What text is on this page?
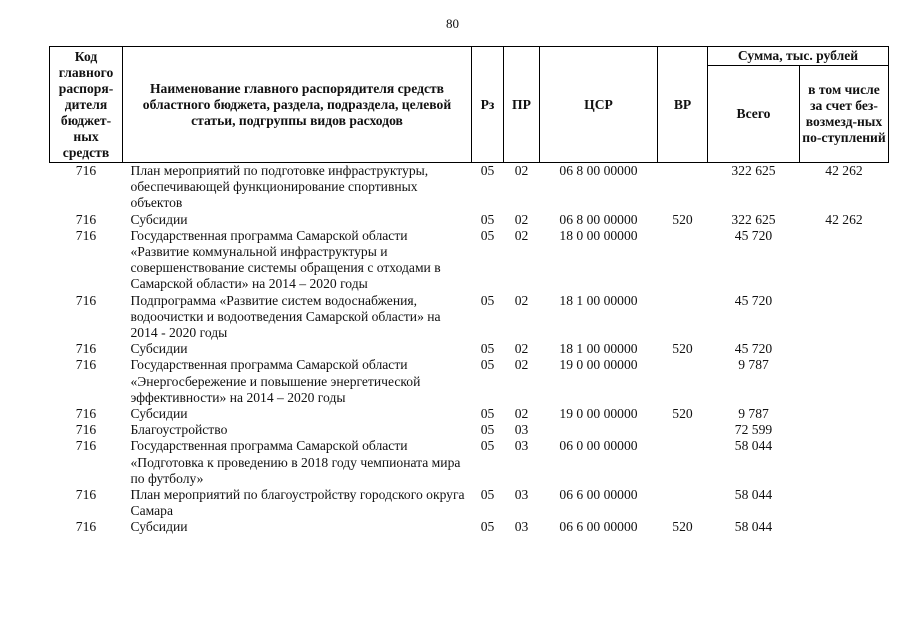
80
Код главного распоря-дителя бюджет-ных средств	Наименование главного распорядителя средств областного бюджета, раздела, подраздела, целевой статьи, подгруппы видов расходов	Рз	ПР	ЦСР	ВР	Сумма, тыс. рублей	
						Всего	в том числе за счет без-возмезд-ных по-ступлений
716	План мероприятий по подготовке инфраструктуры, обеспечивающей функционирование спортивных объектов	05	02	06 8 00 00000		322 625	42 262
716	Субсидии	05	02	06 8 00 00000	520	322 625	42 262
716	Государственная программа Самарской области «Развитие коммунальной инфраструктуры и совершенствование системы обращения с отходами в Самарской области» на 2014 – 2020 годы	05	02	18 0 00 00000		45 720	
716	Подпрограмма «Развитие систем водоснабжения, водоочистки и водоотведения Самарской области» на 2014 - 2020 годы	05	02	18 1 00 00000		45 720	
716	Субсидии	05	02	18 1 00 00000	520	45 720	
716	Государственная программа Самарской области «Энергосбережение и повышение энергетической эффективности» на 2014 – 2020 годы	05	02	19 0 00 00000		9 787	
716	Субсидии	05	02	19 0 00 00000	520	9 787	
716	Благоустройство	05	03			72 599	
716	Государственная программа Самарской области «Подготовка к проведению в 2018 году чемпионата мира по футболу»	05	03	06 0 00 00000		58 044	
716	План мероприятий по благоустройству городского округа Самара	05	03	06 6 00 00000		58 044	
716	Субсидии	05	03	06 6 00 00000	520	58 044	
